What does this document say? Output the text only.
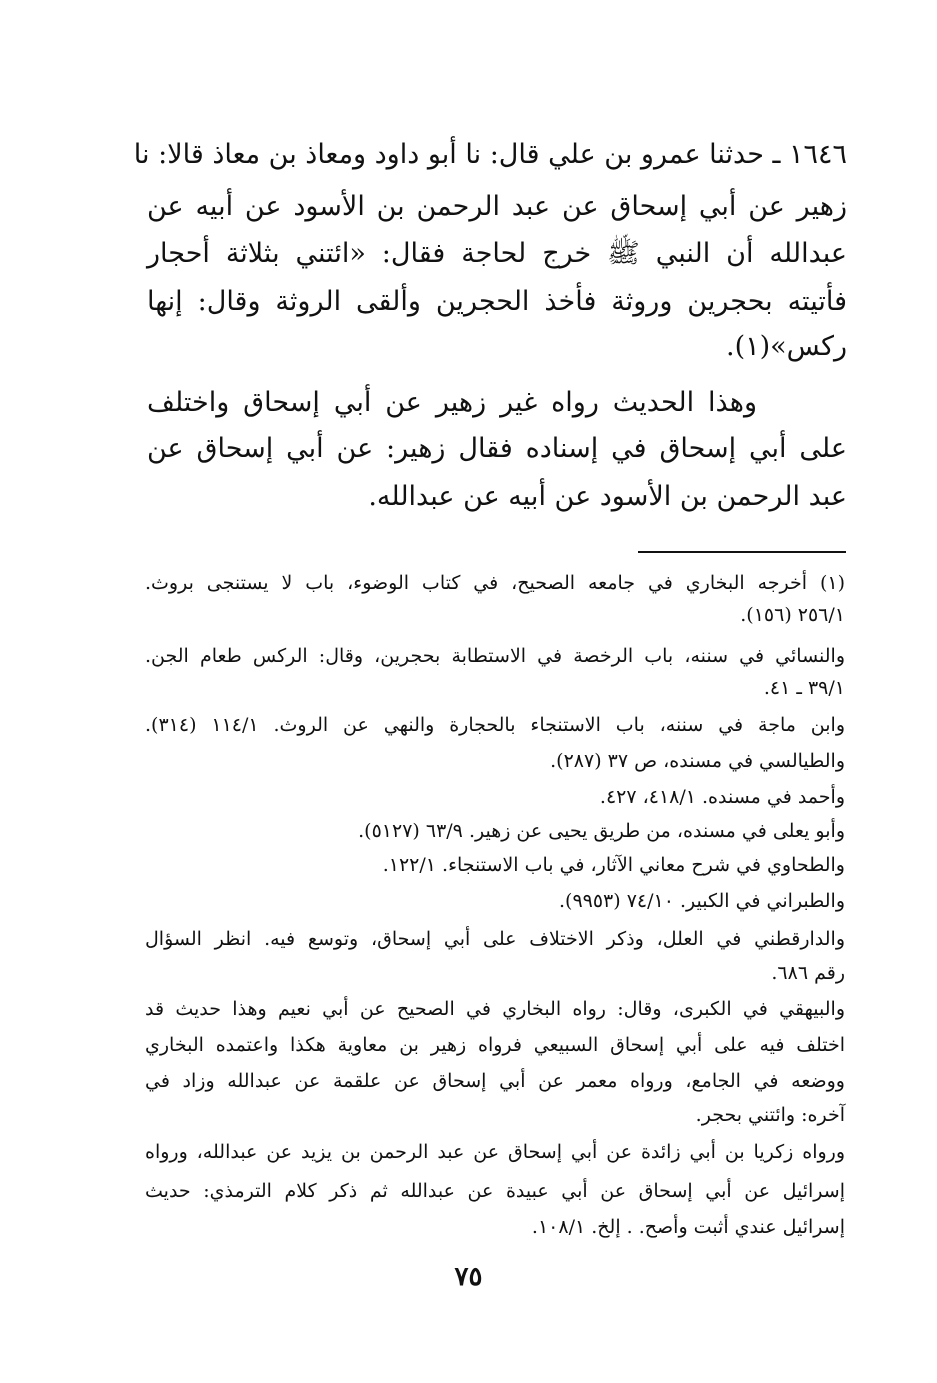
١٦٤٦ ـ حدثنا عمرو بن علي قال: نا أبو داود ومعاذ بن معاذ قالا: نا
زهير عن أبي إسحاق عن عبد الرحمن بن الأسود عن أبيه عن
عبدالله أن النبي ﷺ خرج لحاجة فقال: «ائتني بثلاثة أحجار
فأتيته بحجرين وروثة فأخذ الحجرين وألقى الروثة وقال: إنها
ركس»(١).
وهذا الحديث رواه غير زهير عن أبي إسحاق واختلف
على أبي إسحاق في إسناده فقال زهير: عن أبي إسحاق عن
عبد الرحمن بن الأسود عن أبيه عن عبدالله.
(١) أخرجه البخاري في جامعه الصحيح، في كتاب الوضوء، باب لا يستنجى بروث.
٢٥٦/١ (١٥٦).
والنسائي في سننه، باب الرخصة في الاستطابة بحجرين، وقال: الركس طعام الجن.
٣٩/١ ـ ٤١.
وابن ماجة في سننه، باب الاستنجاء بالحجارة والنهي عن الروث. ١١٤/١ (٣١٤).
والطيالسي في مسنده، ص ٣٧ (٢٨٧).
وأحمد في مسنده. ٤١٨/١، ٤٢٧.
وأبو يعلى في مسنده، من طريق يحيى عن زهير. ٦٣/٩ (٥١٢٧).
والطحاوي في شرح معاني الآثار، في باب الاستنجاء. ١٢٢/١.
والطبراني في الكبير. ٧٤/١٠ (٩٩٥٣).
والدارقطني في العلل، وذكر الاختلاف على أبي إسحاق، وتوسع فيه. انظر السؤال
رقم ٦٨٦.
والبيهقي في الكبرى، وقال: رواه البخاري في الصحيح عن أبي نعيم وهذا حديث قد
اختلف فيه على أبي إسحاق السبيعي فرواه زهير بن معاوية هكذا واعتمده البخاري
ووضعه في الجامع، ورواه معمر عن أبي إسحاق عن علقمة عن عبدالله وزاد في
آخره: وائتني بحجر.
ورواه زكريا بن أبي زائدة عن أبي إسحاق عن عبد الرحمن بن يزيد عن عبدالله، ورواه
إسرائيل عن أبي إسحاق عن أبي عبيدة عن عبدالله ثم ذكر كلام الترمذي: حديث
إسرائيل عندي أثبت وأصح. . إلخ. ١٠٨/١.
٧٥
